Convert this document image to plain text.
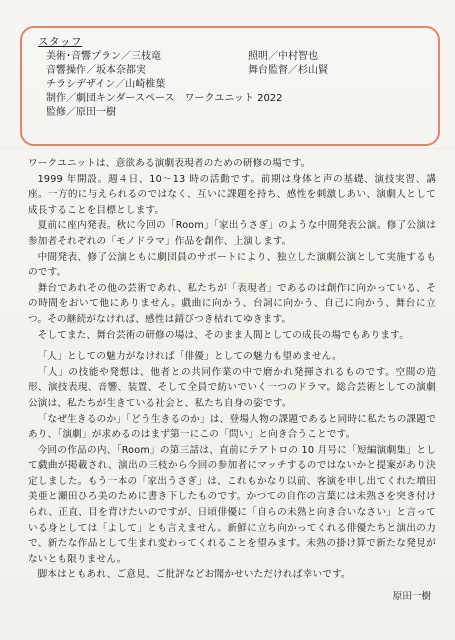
スタッフ
美術･音響プラン／三枝竜
音響操作／坂本奈都実
チラシデザイン／山崎椎葉
制作／劇団キンダースペース　ワークユニット 2022
監修／原田一樹
照明／中村智也
舞台監督／杉山賢

ワークユニットは、意欲ある演劇表現者のための研修の場です。

1999 年開設。週４日、10～13 時の活動です。前期は身体と声の基礎、演技実習、講座。一方的に与えられるのではなく、互いに課題を持ち、感性を刺激しあい、演劇人として成長することを目標とします。

夏前に座内発表。秋に今回の「Room」「家出うさぎ」のような中間発表公演。修了公演は参加者それぞれの「モノドラマ」作品を創作、上演します。

中間発表、修了公演ともに劇団員のサポートにより、独立した演劇公演として実施するものです。

舞台であれその他の芸術であれ、私たちが「表現者」であるのは創作に向かっている、その時間をおいて他にありません。戯曲に向かう、台詞に向かう、自己に向かう、舞台に立つ。その継続がなければ、感性は錆びつき枯れてゆきます。

そしてまた、舞台芸術の研修の場は、そのまま人間としての成長の場でもあります。

「人」としての魅力がなければ「俳優」としての魅力も望めません。

「人」の技能や発想は、他者との共同作業の中で磨かれ発揮されるものです。空間の造形、演技表現、音響、装置、そして全員で紡いでいく一つのドラマ。総合芸術としての演劇公演は、私たちが生きている社会と、私たち自身の姿です。

「なぜ生きるのか」「どう生きるのか」は、登場人物の課題であると同時に私たちの課題であり、「演劇」が求めるのはまず第一にこの「問い」と向き合うことです。

今回の作品の内、「Room」の第三話は、直前にテアトロの 10 月号に「短編演劇集」として戯曲が掲載され、演出の三枝から今回の参加者にマッチするのではないかと提案があり決定しました。もう一本の「家出うさぎ」は、これもかなり以前、客演を申し出てくれた増田美亜と瀬田ひろ美のために書き下したものです。かつての自作の言葉には未熟さを突き付けられ、正直、目を背けたいのですが、日頃俳優に「自らの未熟と向き合いなさい」と言っている身としては「よして」とも言えません。新鮮に立ち向かってくれる俳優たちと演出の力で、新たな作品として生まれ変わってくれることを望みます。未熟の掛け算で新たな発見がないとも限りません。

脚本はともあれ、ご意見、ご批評などお聞かせいただければ幸いです。

原田一樹
